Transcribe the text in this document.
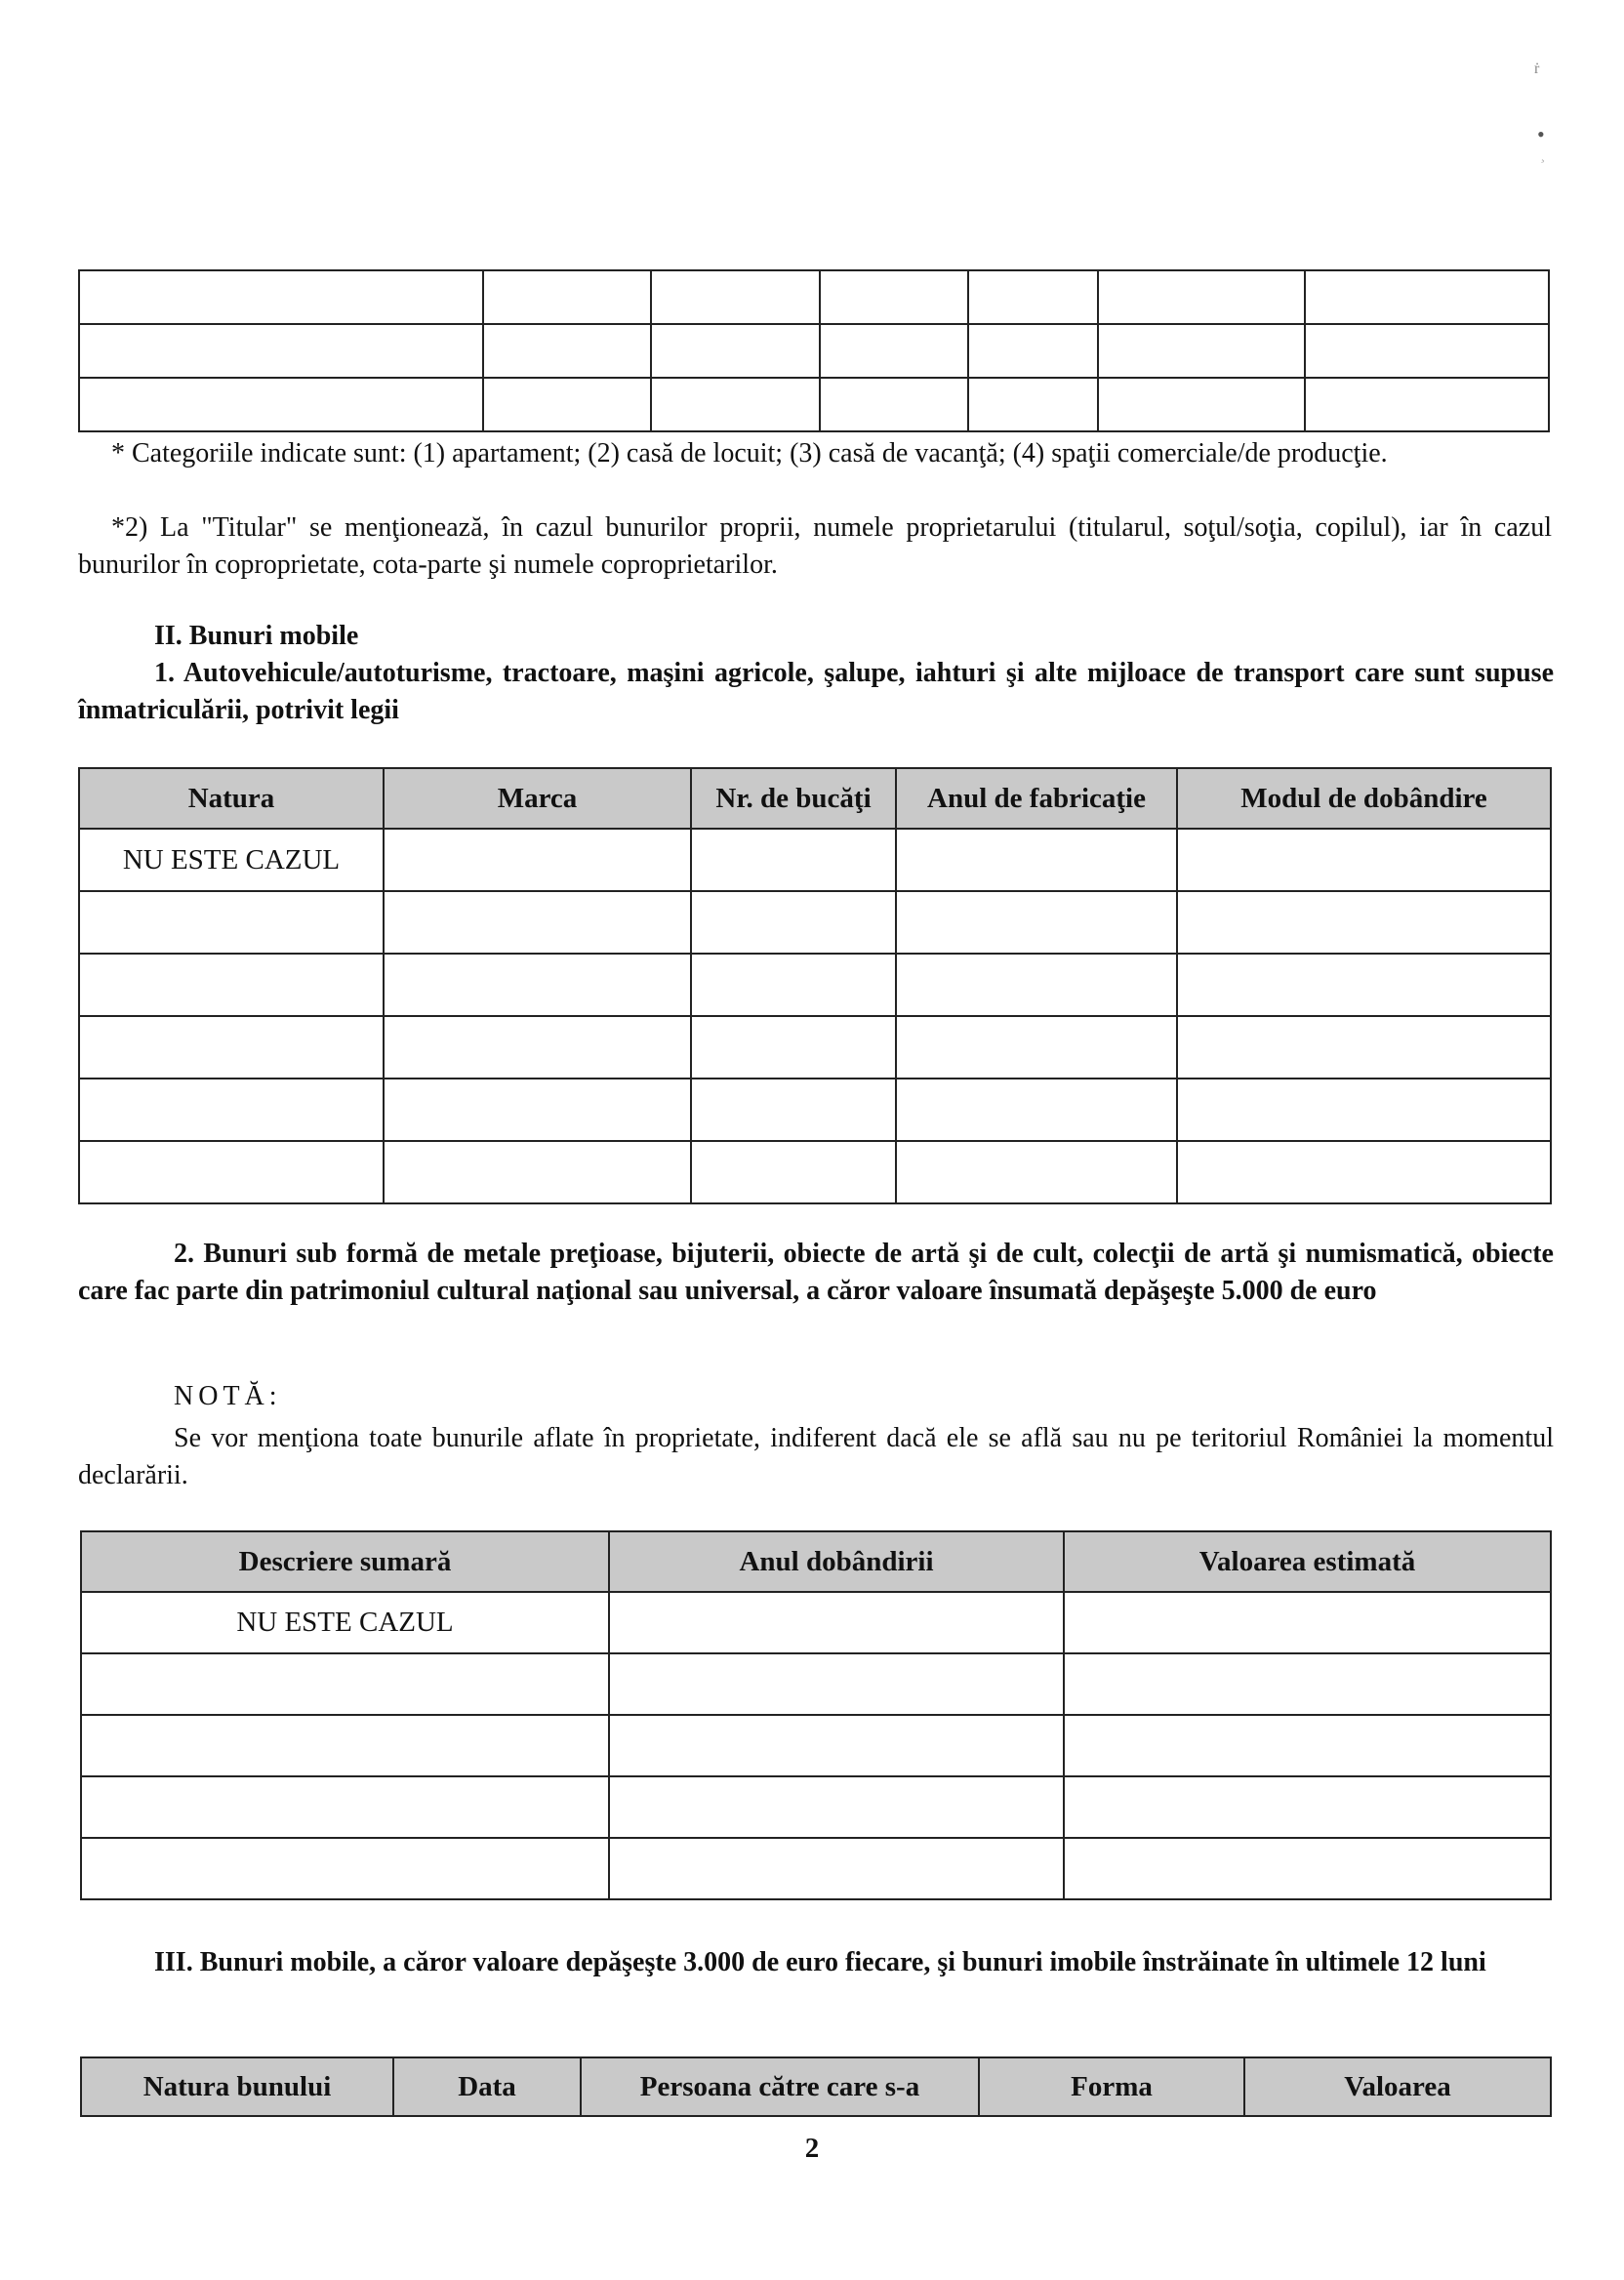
ṙ
•
¸

* Categoriile indicate sunt: (1) apartament; (2) casă de locuit; (3) casă de vacanţă; (4) spaţii comerciale/de producţie.
*2) La "Titular" se menţionează, în cazul bunurilor proprii, numele proprietarului (titularul, soţul/soţia, copilul), iar în cazul bunurilor în coproprietate, cota-parte şi numele coproprietarilor.
II. Bunuri mobile
1. Autovehicule/autoturisme, tractoare, maşini agricole, şalupe, iahturi şi alte mijloace de transport care sunt supuse înmatriculării, potrivit legii
Natura	Marca	Nr. de bucăţi	Anul de fabricaţie	Modul de dobândire
NU ESTE CAZUL				

2. Bunuri sub formă de metale preţioase, bijuterii, obiecte de artă şi de cult, colecţii de artă şi numismatică, obiecte care fac parte din patrimoniul cultural naţional sau universal, a căror valoare însumată depăşeşte 5.000 de euro
NOTĂ:
Se vor menţiona toate bunurile aflate în proprietate, indiferent dacă ele se află sau nu pe teritoriul României la momentul declarării.
Descriere sumară	Anul dobândirii	Valoarea estimată
NU ESTE CAZUL		

III. Bunuri mobile, a căror valoare depăşeşte 3.000 de euro fiecare, şi bunuri imobile înstrăinate în ultimele 12 luni
Natura bunului	Data	Persoana către care s-a	Forma	Valoarea
2
